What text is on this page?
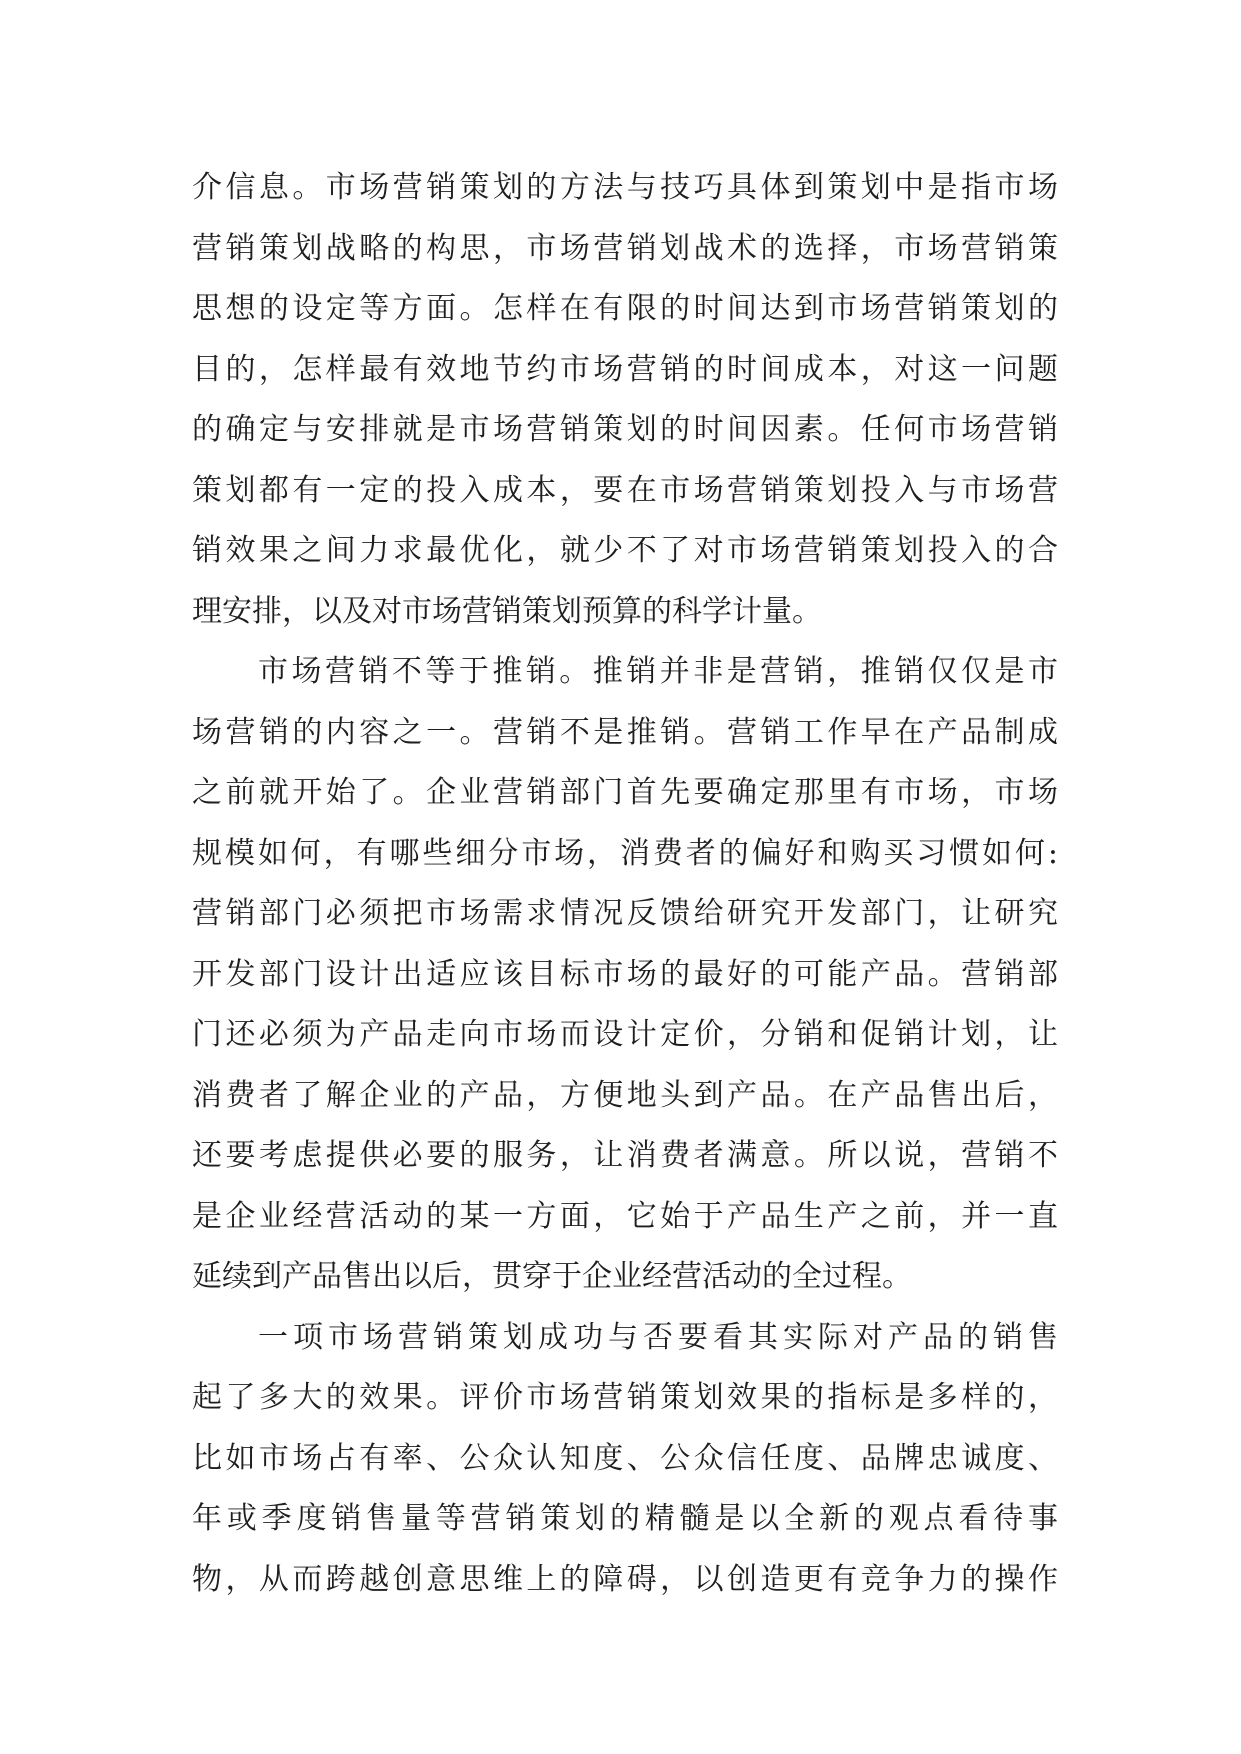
介信息。市场营销策划的方法与技巧具体到策划中是指市场
营销策划战略的构思，市场营销划战术的选择，市场营销策
思想的设定等方面。怎样在有限的时间达到市场营销策划的
目的，怎样最有效地节约市场营销的时间成本，对这一问题
的确定与安排就是市场营销策划的时间因素。任何市场营销
策划都有一定的投入成本，要在市场营销策划投入与市场营
销效果之间力求最优化，就少不了对市场营销策划投入的合
理安排，以及对市场营销策划预算的科学计量。
市场营销不等于推销。推销并非是营销，推销仅仅是市
场营销的内容之一。营销不是推销。营销工作早在产品制成
之前就开始了。企业营销部门首先要确定那里有市场，市场
规模如何，有哪些细分市场，消费者的偏好和购买习惯如何:
营销部门必须把市场需求情况反馈给研究开发部门，让研究
开发部门设计出适应该目标市场的最好的可能产品。营销部
门还必须为产品走向市场而设计定价，分销和促销计划，让
消费者了解企业的产品，方便地头到产品。在产品售出后，
还要考虑提供必要的服务，让消费者满意。所以说，营销不
是企业经营活动的某一方面，它始于产品生产之前，并一直
延续到产品售出以后，贯穿于企业经营活动的全过程。
一项市场营销策划成功与否要看其实际对产品的销售
起了多大的效果。评价市场营销策划效果的指标是多样的，
比如市场占有率、公众认知度、公众信任度、品牌忠诚度、
年或季度销售量等营销策划的精髓是以全新的观点看待事
物，从而跨越创意思维上的障碍，以创造更有竞争力的操作
